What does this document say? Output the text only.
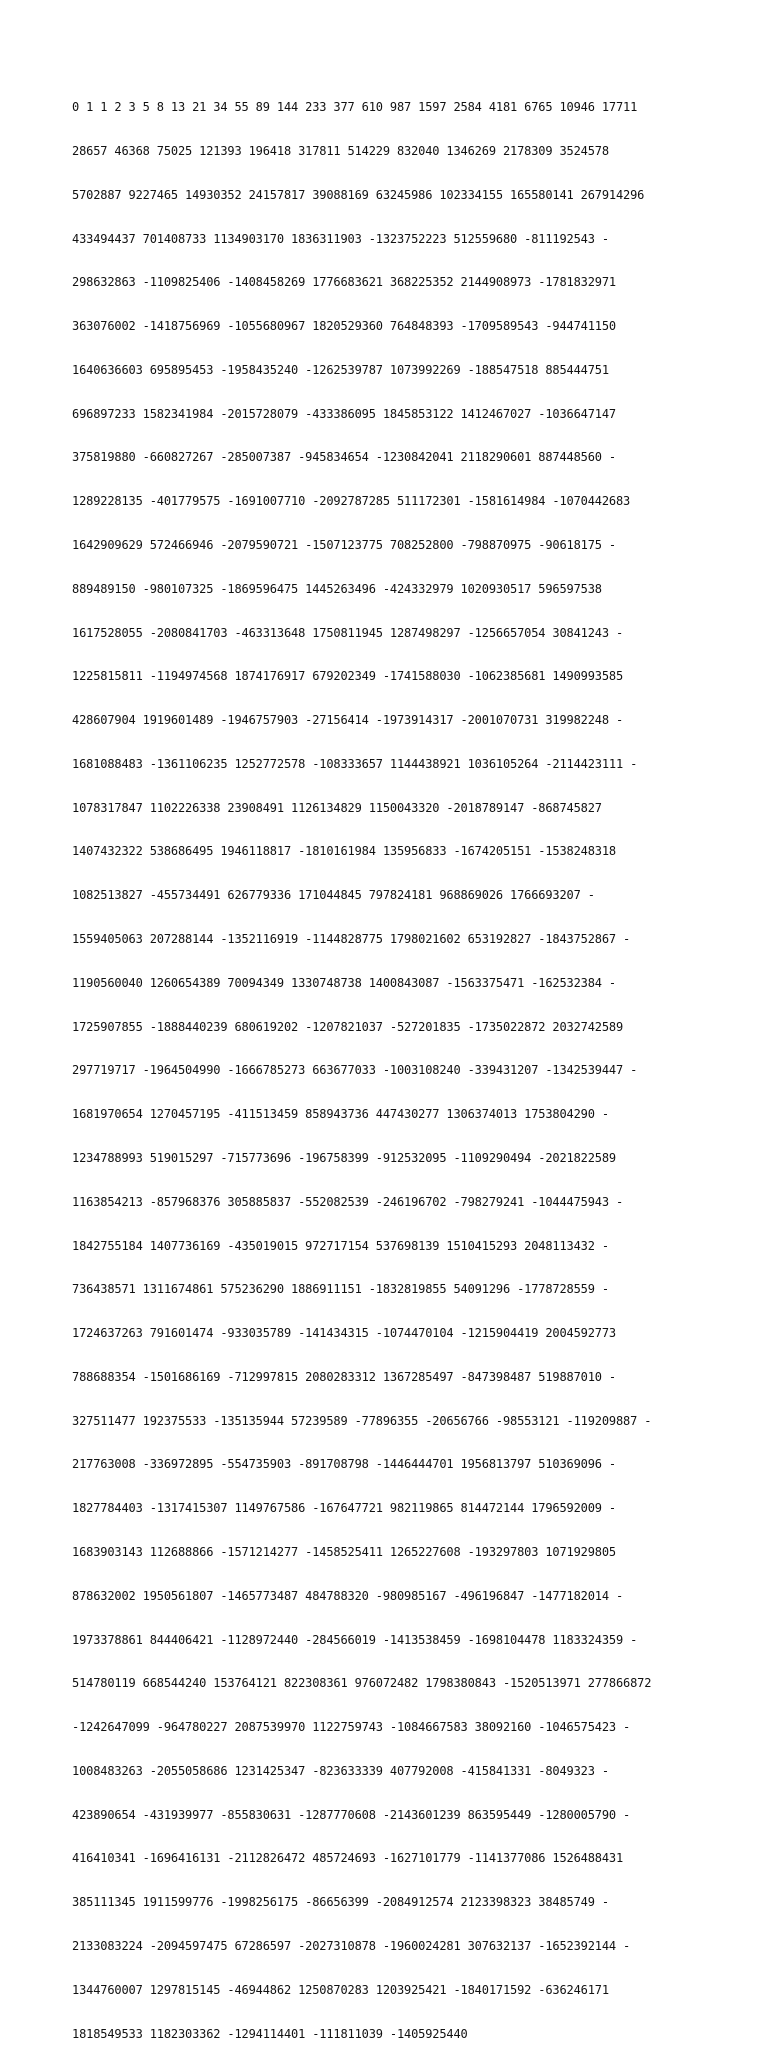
0 1 1 2 3 5 8 13 21 34 55 89 144 233 377 610 987 1597 2584 4181 6765 10946 17711

28657 46368 75025 121393 196418 317811 514229 832040 1346269 2178309 3524578

5702887 9227465 14930352 24157817 39088169 63245986 102334155 165580141 267914296

433494437 701408733 1134903170 1836311903 -1323752223 512559680 -811192543 -

298632863 -1109825406 -1408458269 1776683621 368225352 2144908973 -1781832971

363076002 -1418756969 -1055680967 1820529360 764848393 -1709589543 -944741150

1640636603 695895453 -1958435240 -1262539787 1073992269 -188547518 885444751

696897233 1582341984 -2015728079 -433386095 1845853122 1412467027 -1036647147

375819880 -660827267 -285007387 -945834654 -1230842041 2118290601 887448560 -

1289228135 -401779575 -1691007710 -2092787285 511172301 -1581614984 -1070442683

1642909629 572466946 -2079590721 -1507123775 708252800 -798870975 -90618175 -

889489150 -980107325 -1869596475 1445263496 -424332979 1020930517 596597538

1617528055 -2080841703 -463313648 1750811945 1287498297 -1256657054 30841243 -

1225815811 -1194974568 1874176917 679202349 -1741588030 -1062385681 1490993585

428607904 1919601489 -1946757903 -27156414 -1973914317 -2001070731 319982248 -

1681088483 -1361106235 1252772578 -108333657 1144438921 1036105264 -2114423111 -

1078317847 1102226338 23908491 1126134829 1150043320 -2018789147 -868745827

1407432322 538686495 1946118817 -1810161984 135956833 -1674205151 -1538248318

1082513827 -455734491 626779336 171044845 797824181 968869026 1766693207 -

1559405063 207288144 -1352116919 -1144828775 1798021602 653192827 -1843752867 -

1190560040 1260654389 70094349 1330748738 1400843087 -1563375471 -162532384 -

1725907855 -1888440239 680619202 -1207821037 -527201835 -1735022872 2032742589

297719717 -1964504990 -1666785273 663677033 -1003108240 -339431207 -1342539447 -

1681970654 1270457195 -411513459 858943736 447430277 1306374013 1753804290 -

1234788993 519015297 -715773696 -196758399 -912532095 -1109290494 -2021822589

1163854213 -857968376 305885837 -552082539 -246196702 -798279241 -1044475943 -

1842755184 1407736169 -435019015 972717154 537698139 1510415293 2048113432 -

736438571 1311674861 575236290 1886911151 -1832819855 54091296 -1778728559 -

1724637263 791601474 -933035789 -141434315 -1074470104 -1215904419 2004592773

788688354 -1501686169 -712997815 2080283312 1367285497 -847398487 519887010 -

327511477 192375533 -135135944 57239589 -77896355 -20656766 -98553121 -119209887 -

217763008 -336972895 -554735903 -891708798 -1446444701 1956813797 510369096 -

1827784403 -1317415307 1149767586 -167647721 982119865 814472144 1796592009 -

1683903143 112688866 -1571214277 -1458525411 1265227608 -193297803 1071929805

878632002 1950561807 -1465773487 484788320 -980985167 -496196847 -1477182014 -

1973378861 844406421 -1128972440 -284566019 -1413538459 -1698104478 1183324359 -

514780119 668544240 153764121 822308361 976072482 1798380843 -1520513971 277866872

-1242647099 -964780227 2087539970 1122759743 -1084667583 38092160 -1046575423 -

1008483263 -2055058686 1231425347 -823633339 407792008 -415841331 -8049323 -

423890654 -431939977 -855830631 -1287770608 -2143601239 863595449 -1280005790 -

416410341 -1696416131 -2112826472 485724693 -1627101779 -1141377086 1526488431

385111345 1911599776 -1998256175 -86656399 -2084912574 2123398323 38485749 -

2133083224 -2094597475 67286597 -2027310878 -1960024281 307632137 -1652392144 -

1344760007 1297815145 -46944862 1250870283 1203925421 -1840171592 -636246171

1818549533 1182303362 -1294114401 -111811039 -1405925440
